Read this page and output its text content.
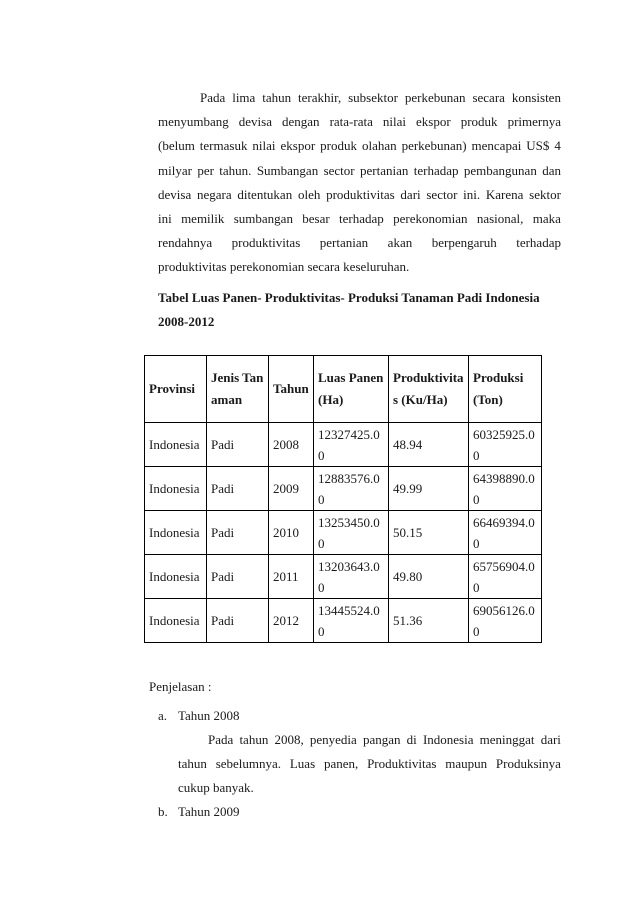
Pada lima tahun terakhir, subsektor perkebunan secara konsisten
menyumbang devisa dengan rata-rata nilai ekspor produk primernya
(belum termasuk nilai ekspor produk olahan perkebunan) mencapai US$ 4
milyar per tahun. Sumbangan sector pertanian terhadap pembangunan dan
devisa negara ditentukan oleh produktivitas dari sector ini. Karena sektor
ini memilik sumbangan besar terhadap perekonomian nasional, maka
rendahnya produktivitas pertanian akan berpengaruh terhadap
produktivitas perekonomian secara keseluruhan.
Tabel Luas Panen- Produktivitas- Produksi Tanaman Padi Indonesia
2008-2012
Provinsi	Jenis Tanaman	Tahun	Luas Panen (Ha)	Produktivitas (Ku/Ha)	Produksi (Ton)
Indonesia	Padi	2008	12327425.00	48.94	60325925.00
Indonesia	Padi	2009	12883576.00	49.99	64398890.00
Indonesia	Padi	2010	13253450.00	50.15	66469394.00
Indonesia	Padi	2011	13203643.00	49.80	65756904.00
Indonesia	Padi	2012	13445524.00	51.36	69056126.00
Penjelasan :
a. Tahun 2008
Pada tahun 2008, penyedia pangan di Indonesia meninggat dari
tahun sebelumnya. Luas panen, Produktivitas maupun Produksinya
cukup banyak.
b. Tahun 2009
